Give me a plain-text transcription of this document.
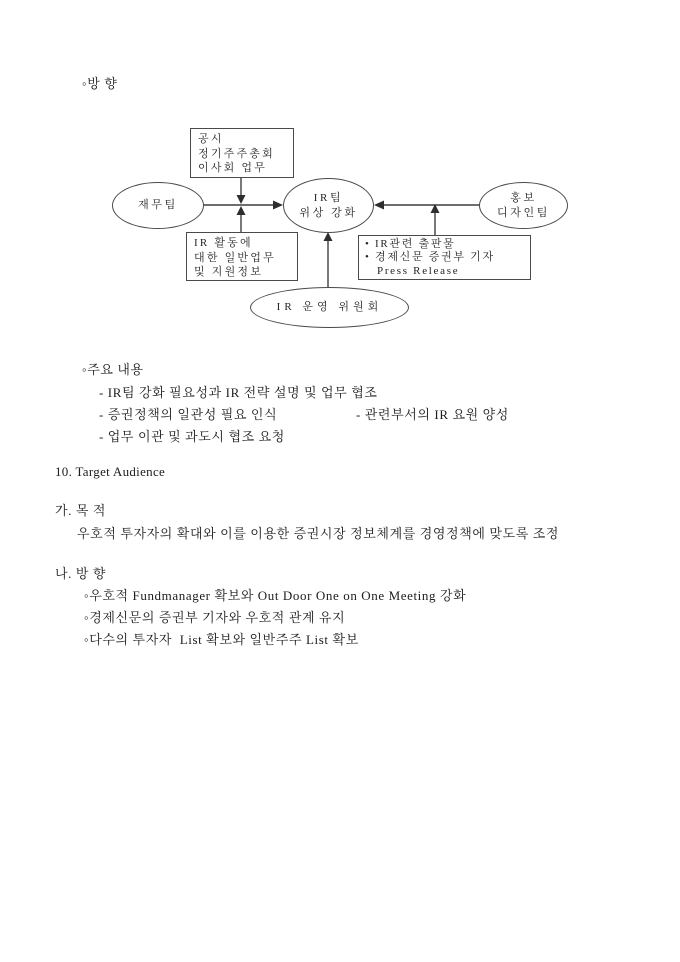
◦방 향
공시
정기주주총회
이사회 업무
재무팀
IR팀
위상 강화
홍보
디자인팀
IR 활동에
대한 일반업무
및 지원정보
• IR관련 출판물
• 경제신문 증권부 기자
Press Release
IR 운영 위원회
◦주요 내용
- IR팀 강화 필요성과 IR 전략 설명 및 업무 협조
- 증권정책의 일관성 필요 인식	- 관련부서의 IR 요원 양성
- 업무 이관 및 과도시 협조 요청
10. Target Audience
가. 목 적
우호적 투자자의 확대와 이를 이용한 증권시장 정보체계를 경영정책에 맞도록 조정
나. 방 향
◦우호적 Fundmanager 확보와 Out Door One on One Meeting 강화
◦경제신문의 증권부 기자와 우호적 관계 유지
◦다수의 투자자  List 확보와 일반주주 List 확보
